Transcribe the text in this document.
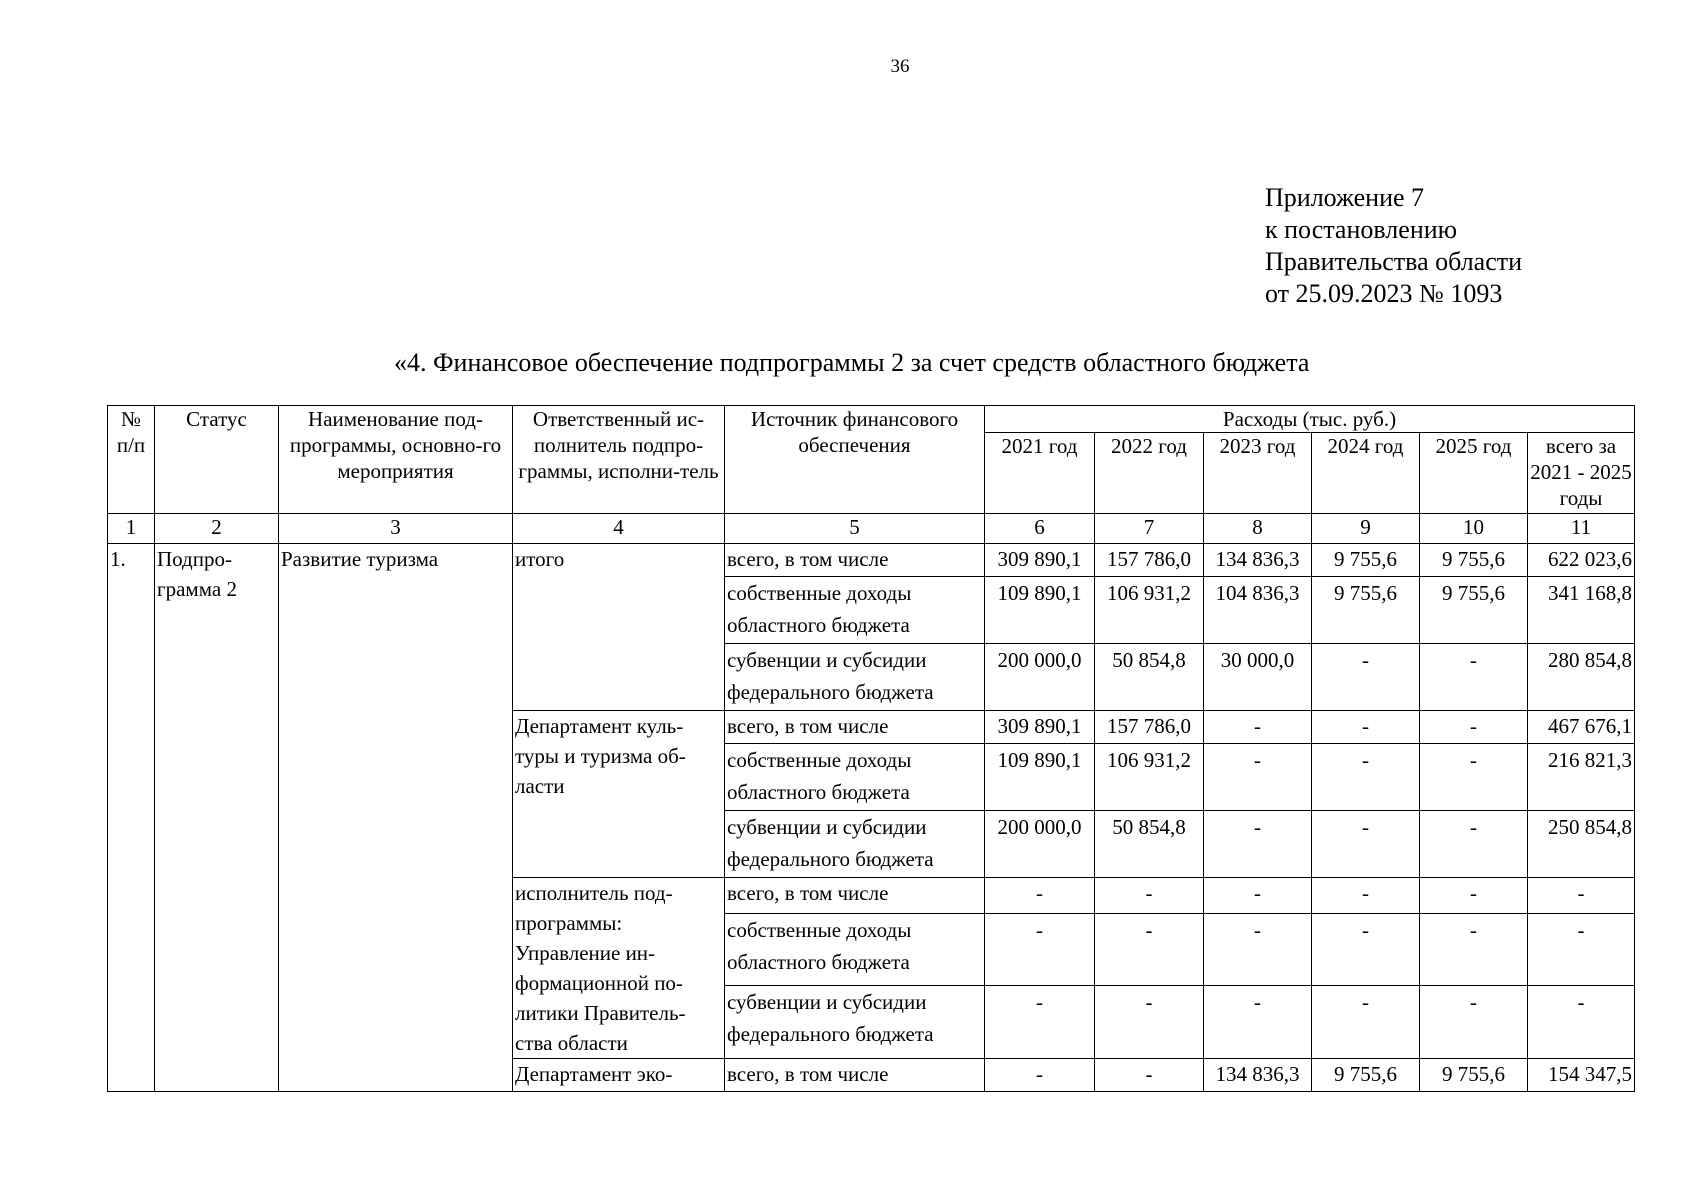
36
Приложение 7
к постановлению
Правительства области
от 25.09.2023 № 1093
«4. Финансовое обеспечение подпрограммы 2 за счет средств областного бюджета
№ п/п	Статус	Наименование под-программы, основно-го мероприятия	Ответственный ис-полнитель подпро-граммы, исполни-тель	Источник финансового обеспечения	Расходы (тыс. руб.)					
					2021 год	2022 год	2023 год	2024 год	2025 год	всего за 2021 - 2025 годы
1	2	3	4	5	6	7	8	9	10	11
1.	Подпро-грамма 2	Развитие туризма	итого	всего, в том числе	309 890,1	157 786,0	134 836,3	9 755,6	9 755,6	622 023,6
				собственные доходы областного бюджета	109 890,1	106 931,2	104 836,3	9 755,6	9 755,6	341 168,8
				субвенции и субсидии федерального бюджета	200 000,0	50 854,8	30 000,0	-	-	280 854,8
			Департамент куль-туры и туризма об-ласти	всего, в том числе	309 890,1	157 786,0	-	-	-	467 676,1
				собственные доходы областного бюджета	109 890,1	106 931,2	-	-	-	216 821,3
				субвенции и субсидии федерального бюджета	200 000,0	50 854,8	-	-	-	250 854,8
			исполнитель под-программы: Управление ин-формационной по-литики Правитель-ства области	всего, в том числе	-	-	-	-	-	-
				собственные доходы областного бюджета	-	-	-	-	-	-
				субвенции и субсидии федерального бюджета	-	-	-	-	-	-
			Департамент эко-	всего, в том числе	-	-	134 836,3	9 755,6	9 755,6	154 347,5
